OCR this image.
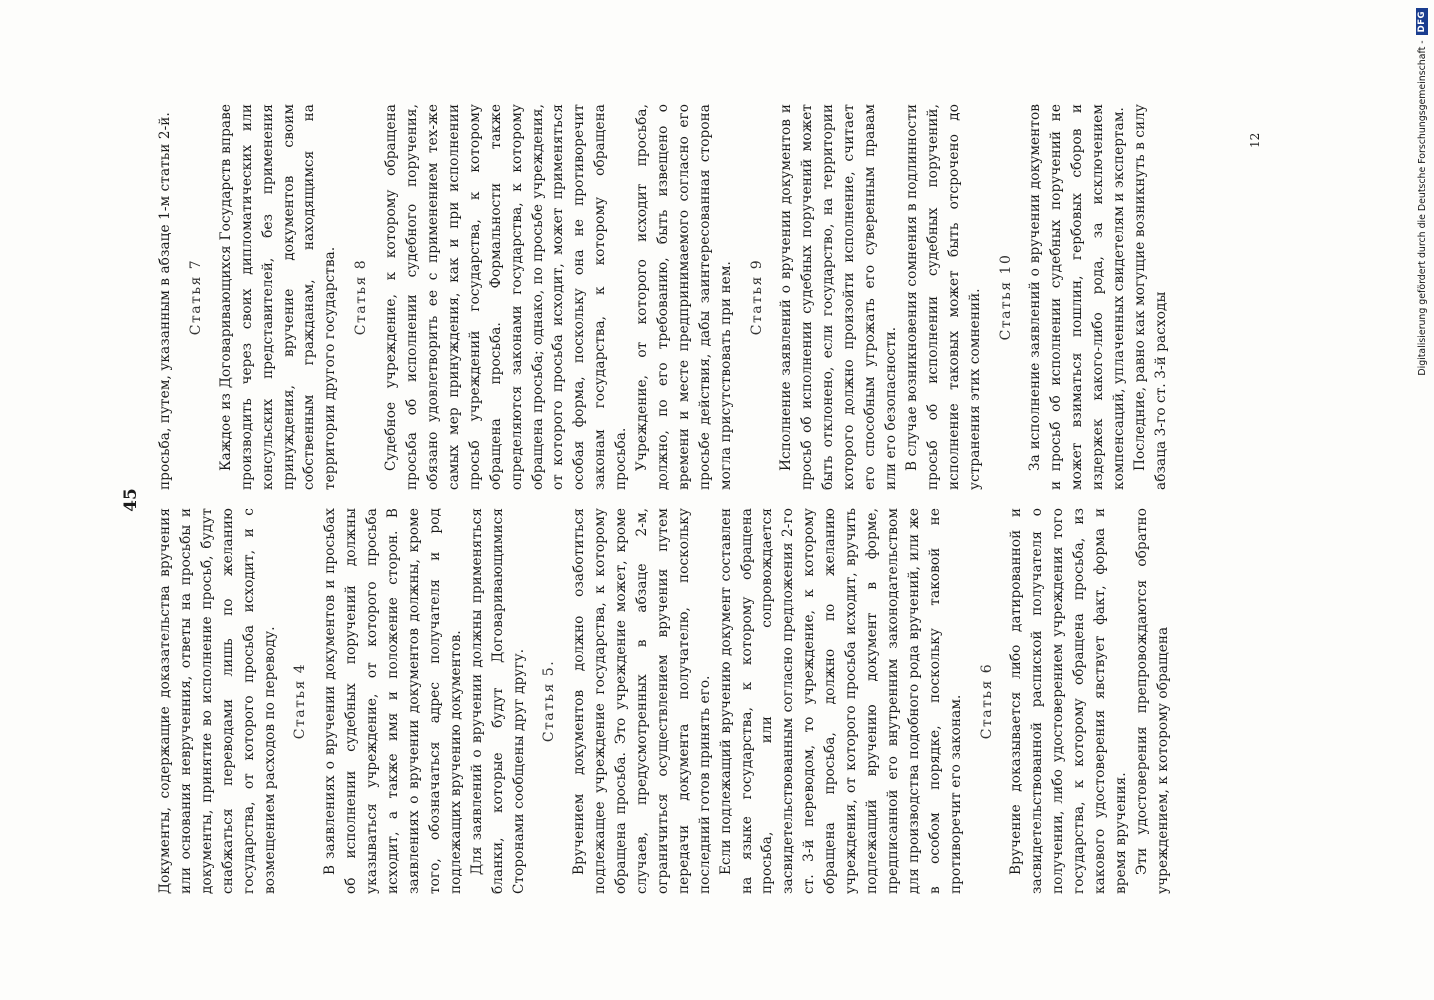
45

Документы, содержащие доказательства вручения или основания неврученния, ответы на просьбы и документы, принятие во исполнение просьб, будут снабжаться переводами лишь по желанию государства, от которого просьба исходит, и с возмещением расходов по переводу. Статья 4 В заявлениях о вручении документов и просьбах об исполнении судебных поручений должны указываться учреждение, от которого просьба исходит, а также имя и положение сторон. В заявлениях о вручении документов должны, кроме того, обозначаться адрес получателя и род подлежащих вручению документов. Для заявлений о вручении должны применяться бланки, которые будут Договаривающимися Сторонами сообщены друг другу. Статья 5. Вручением документов должно озаботиться подлежащее учреждение государства, к которому обращена просьба. Это учреждение может, кроме случаев, предусмотренных в абзаце 2-м, ограничиться осуществлением вручения путем передачи документа получателю, поскольку последний готов принять его. Если подлежащий вручению документ составлен на языке государства, к которому обращена просьба, или сопровождается засвидетельствованным согласно предложения 2-го ст. 3-й переводом, то учреждение, к которому обращена просьба, должно по желанию учреждения, от которого просьба исходит, вручить подлежащий вручению документ в форме, предписанной его внутренним законодательством для производства подобного рода вручений, или же в особом порядке, поскольку таковой не противоречит его законам. Статья 6 Вручение доказывается либо датированной и засвидетельствованной распиской получателя о получении, либо удостоверением учреждения того государства, к которому обращена просьба, из какового удостоверения явствует факт, форма и время вручения. Эти удостоверения препровождаются обратно учреждением, к которому обращена

просьба, путем, указанным в абзаце 1-м статьи 2-й. Статья 7 Каждое из Договаривающихся Государств вправе производить через своих дипломатических или консульских представителей, без применения принуждения, вручение документов своим собственным гражданам, находящимся на территории другого государства. Статья 8 Судебное учреждение, к которому обращена просьба об исполнении судебного поручения, обязано удовлетворить ее с применением тех-же самых мер принуждения, как и при исполнении просьб учреждений государства, к которому обращена просьба. Формальности также определяются законами государства, к которому обращена просьба; однако, по просьбе учреждения, от которого просьба исходит, может применяться особая форма, поскольку она не противоречит законам государства, к которому обращена просьба. Учреждение, от которого исходит просьба, должно, по его требованию, быть извещено о времени и месте предпринимаемого согласно его просьбе действия, дабы заинтересованная сторона могла присутствовать при нем. Статья 9 Исполнение заявлений о вручении документов и просьб об исполнении судебных поручений может быть отклонено, если государство, на территории которого должно произойти исполнение, считает его способным угрожать его суверенным правам или его безопасности. В случае возникновения сомнения в подлинности просьб об исполнении судебных поручений, исполнение таковых может быть отсрочено до устранения этих сомнений. Статья 10 За исполнение заявлений о вручении документов и просьб об исполнении судебных поручений не может взиматься пошлин, гербовых сборов и издержек какого-либо рода, за исключением компенсаций, уплаченных свидетелям и экспертам. Последние, равно как могущие возникнуть в силу абзаца 3-го ст. 3-й расходы

12	Digitalisierung gefördert durch die Deutsche Forschungsgemeinschaft -
DFG
